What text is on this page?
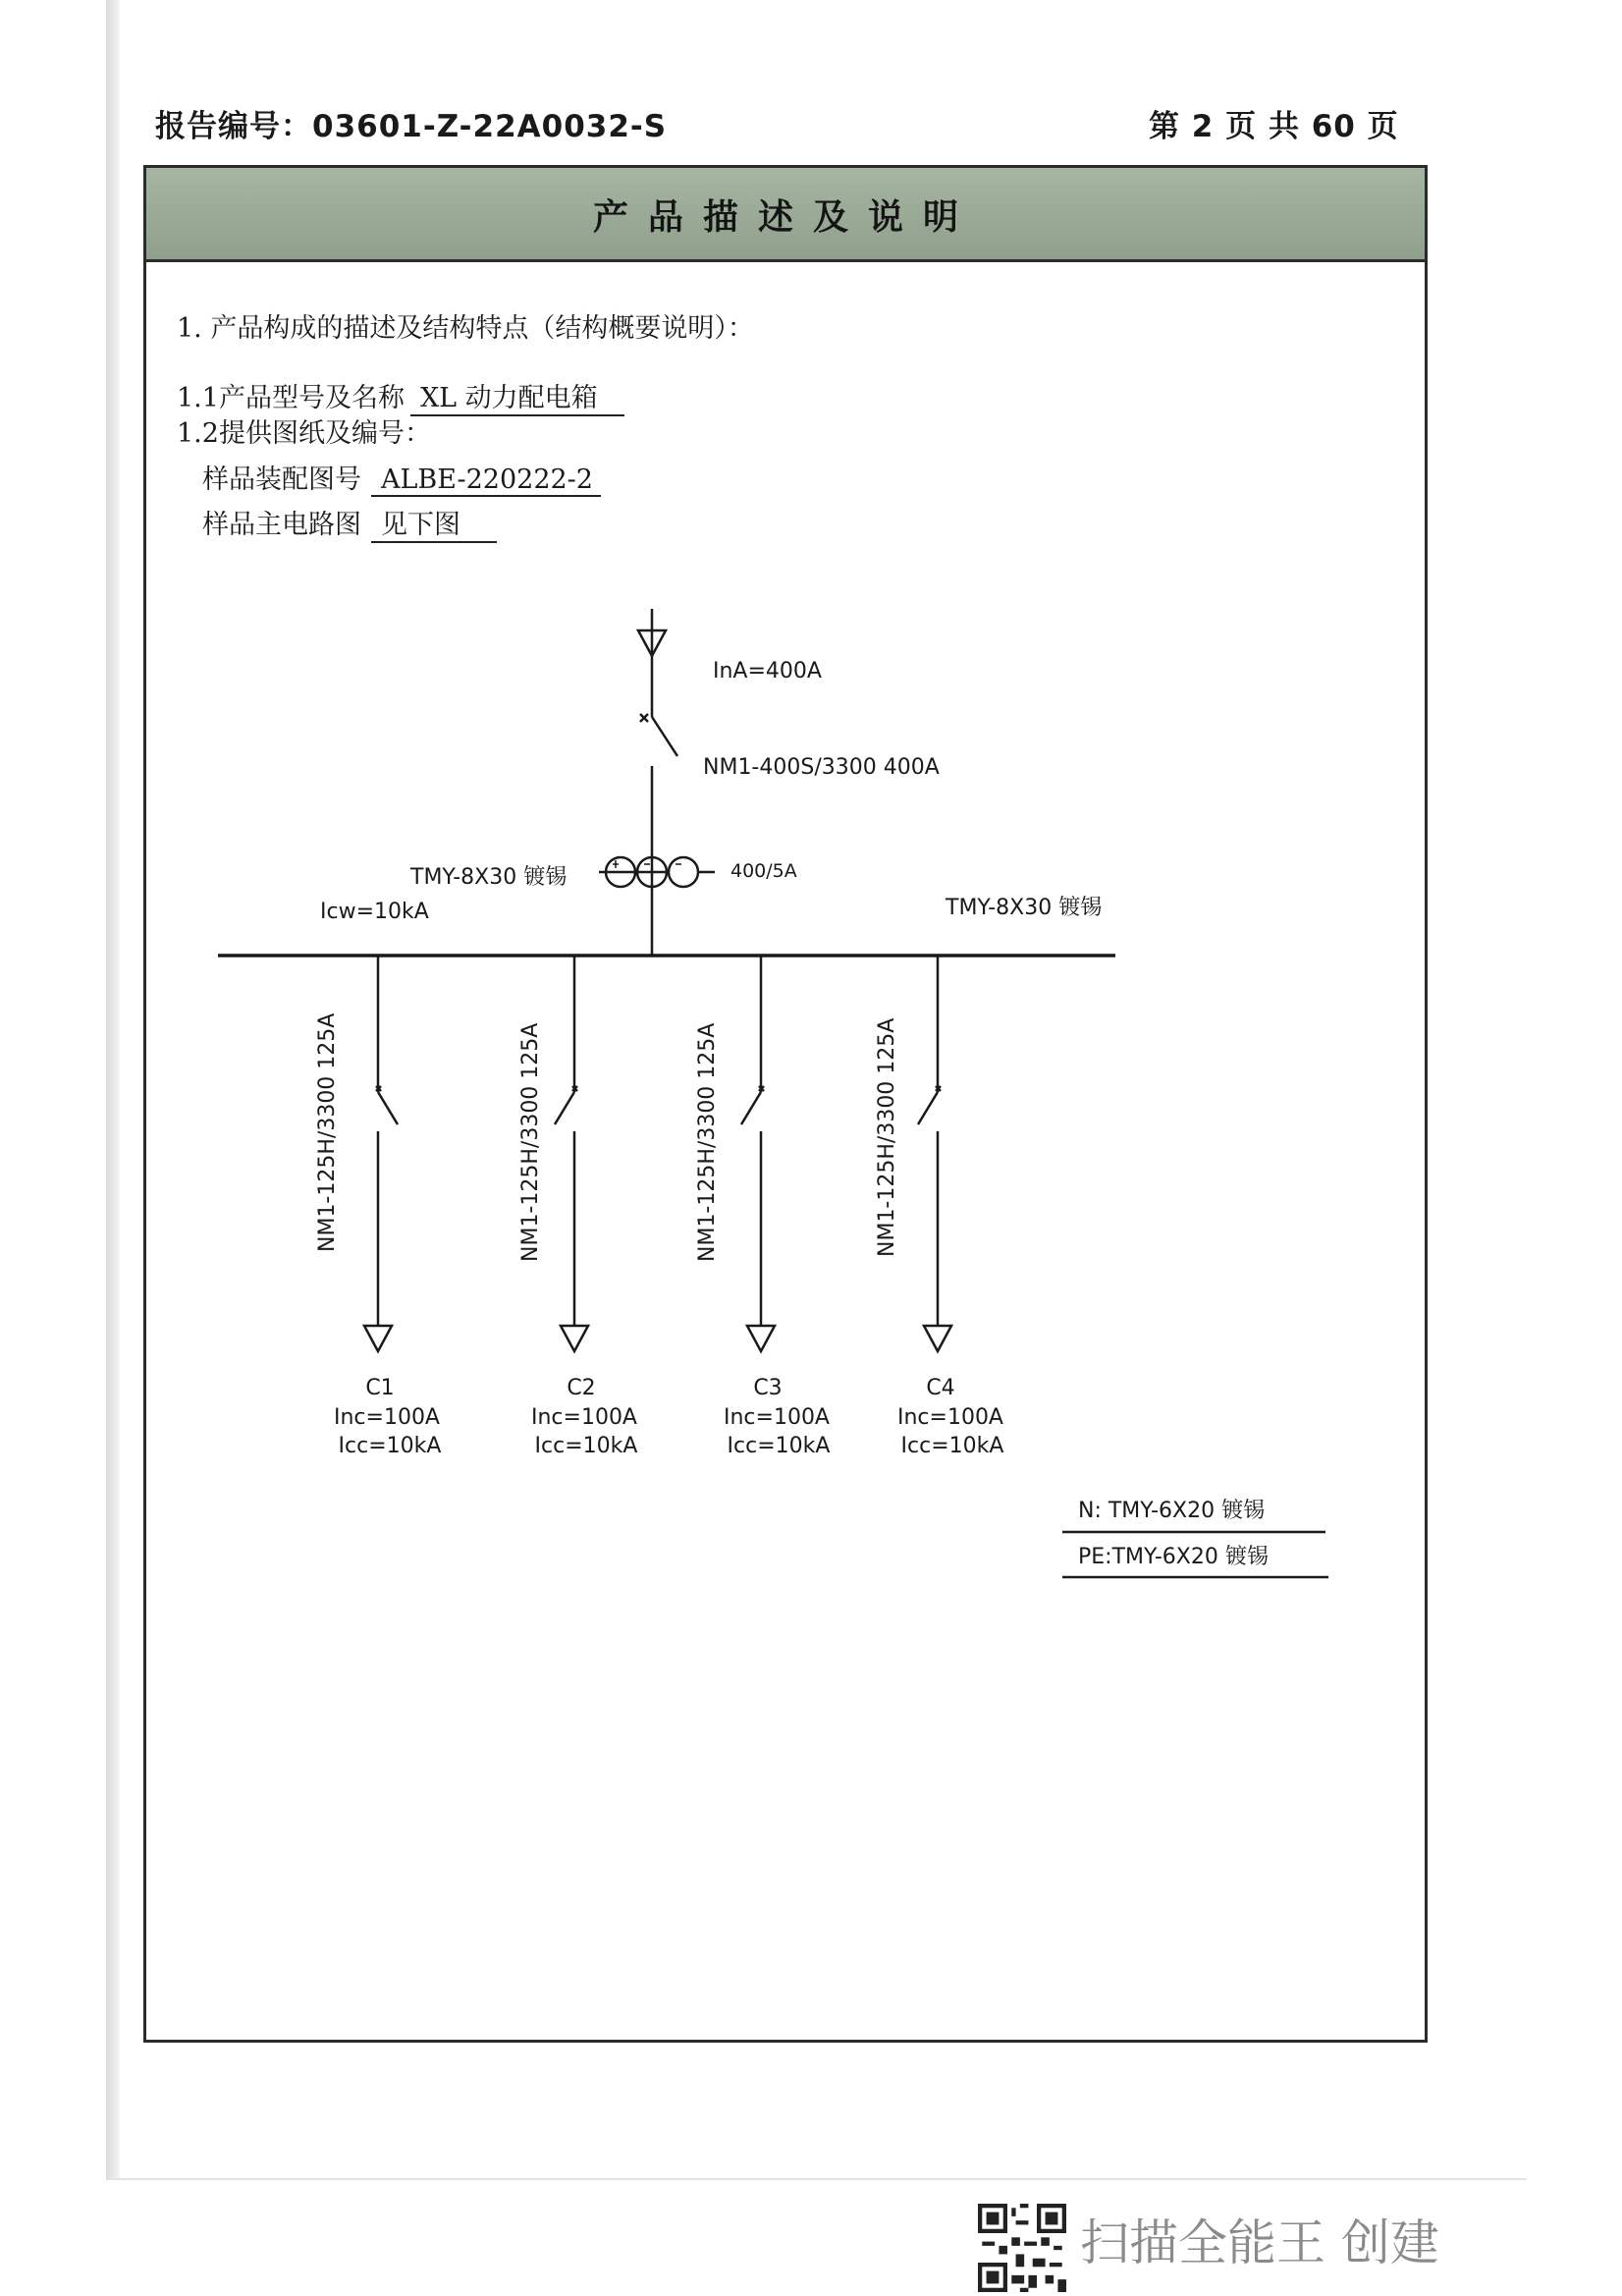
报告编号：03601-Z-22A0032-S	第 2 页 共 60 页
产品描述及说明
1. 产品构成的描述及结构特点（结构概要说明）：
1.1产品型号及名称 XL 动力配电箱
1.2提供图纸及编号：
样品装配图号 ALBE-220222-2
样品主电路图 见下图
InA=400A
NM1-400S/3300 400A
TMY-8X30 镀锡	400/5A
TMY-8X30 镀锡
Icw=10kA
NM1-125H/3300 125A	NM1-125H/3300 125A	NM1-125H/3300 125A	NM1-125H/3300 125A
C1
Inc=100A
Icc=10kA
C2
Inc=100A
Icc=10kA
C3
Inc=100A
Icc=10kA
C4
Inc=100A
Icc=10kA
N: TMY-6X20 镀锡
PE:TMY-6X20 镀锡
扫描全能王 创建
